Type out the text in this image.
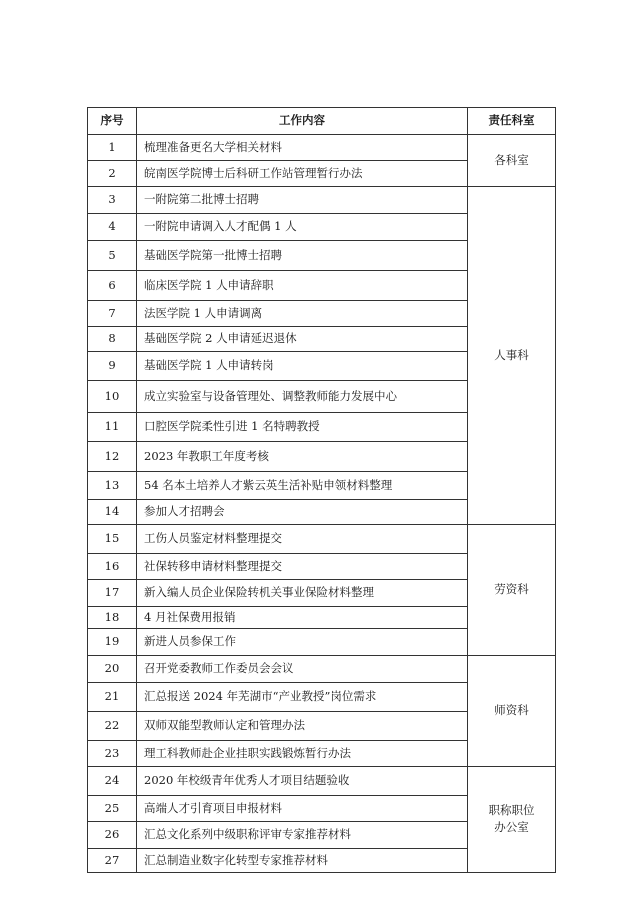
序号	工作内容	责任科室
1	梳理准备更名大学相关材料	各科室

2	皖南医学院博士后科研工作站管理暂行办法	
3	一附院第二批博士招聘	人事科

4	一附院申请调入人才配偶 1 人	
5	基础医学院第一批博士招聘	
6	临床医学院 1 人申请辞职	
7	法医学院 1 人申请调离	
8	基础医学院 2 人申请延迟退休	
9	基础医学院 1 人申请转岗	
10	成立实验室与设备管理处、调整教师能力发展中心	
11	口腔医学院柔性引进 1 名特聘教授	
12	2023 年教职工年度考核	
13	54 名本土培养人才紫云英生活补贴申领材料整理	
14	参加人才招聘会	
15	工伤人员鉴定材料整理提交	劳资科

16	社保转移申请材料整理提交	
17	新入编人员企业保险转机关事业保险材料整理	
18	4 月社保费用报销	
19	新进人员参保工作	
20	召开党委教师工作委员会会议	师资科

21	汇总报送 2024 年芜湖市“产业教授”岗位需求	
22	双师双能型教师认定和管理办法	
23	理工科教师赴企业挂职实践锻炼暂行办法	
24	2020 年校级青年优秀人才项目结题验收	职称职位
办公室

25	高端人才引育项目申报材料	
26	汇总文化系列中级职称评审专家推荐材料	
27	汇总制造业数字化转型专家推荐材料	
